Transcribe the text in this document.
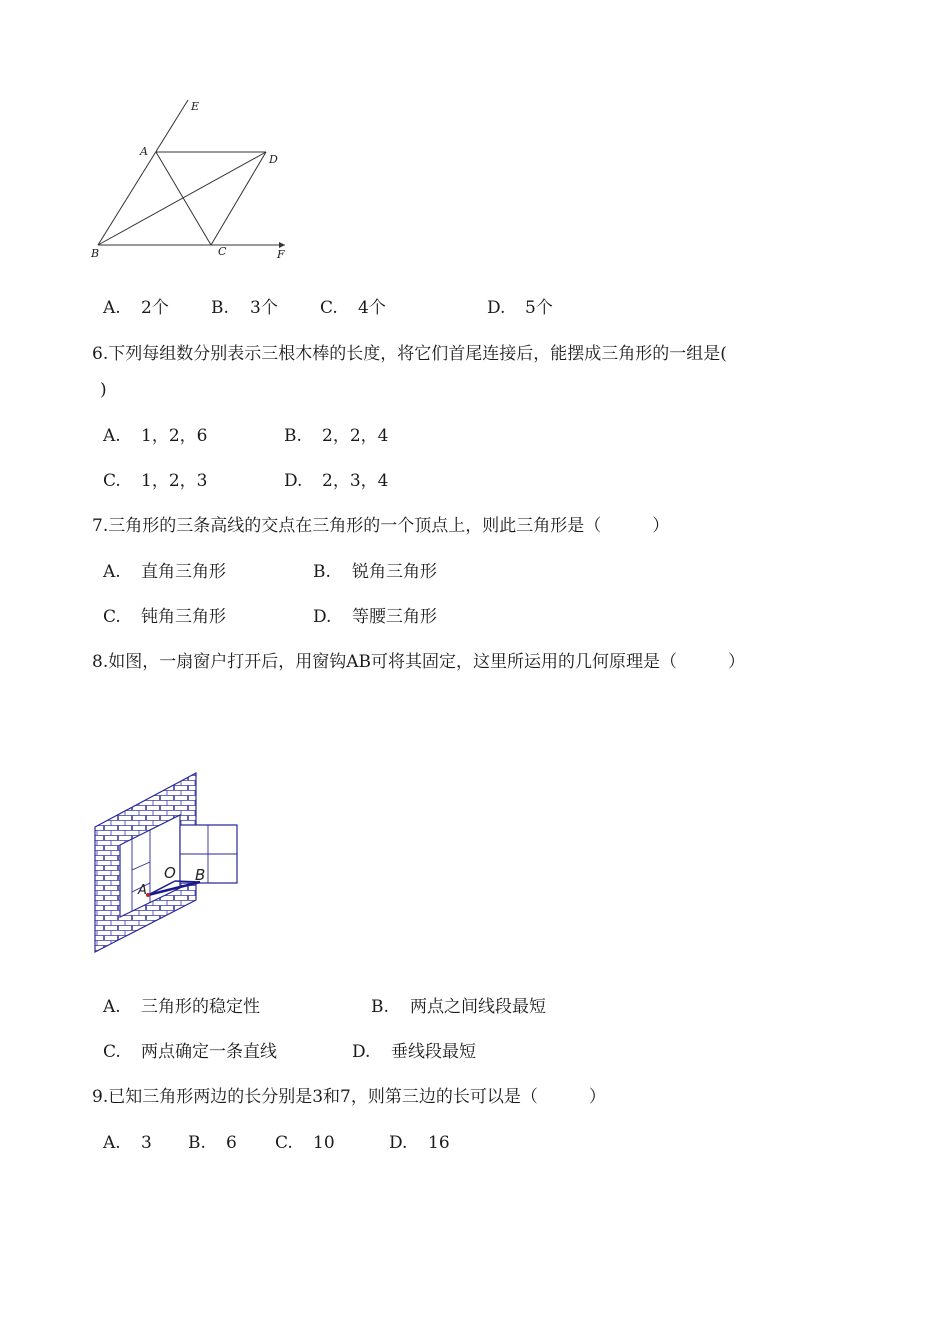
E
A
D
B	C	F
A. 2个 B. 3个 C. 4个	D. 5个
6.下列每组数分别表示三根木棒的长度，将它们首尾连接后，能摆成三角形的一组是(
)
A. 1，2，6	B. 2，2，4
C. 1，2，3	D. 2，3，4
7.三角形的三条高线的交点在三角形的一个顶点上，则此三角形是（　　　）
A. 直角三角形	B. 锐角三角形
C. 钝角三角形	D. 等腰三角形
8.如图，一扇窗户打开后，用窗钩AB可将其固定，这里所运用的几何原理是（　　　）
O B
A
A. 三角形的稳定性	B. 两点之间线段最短
C. 两点确定一条直线	D. 垂线段最短
9.已知三角形两边的长分别是3和7，则第三边的长可以是（　　　）
A. 3 B. 6 C. 10	D. 16
